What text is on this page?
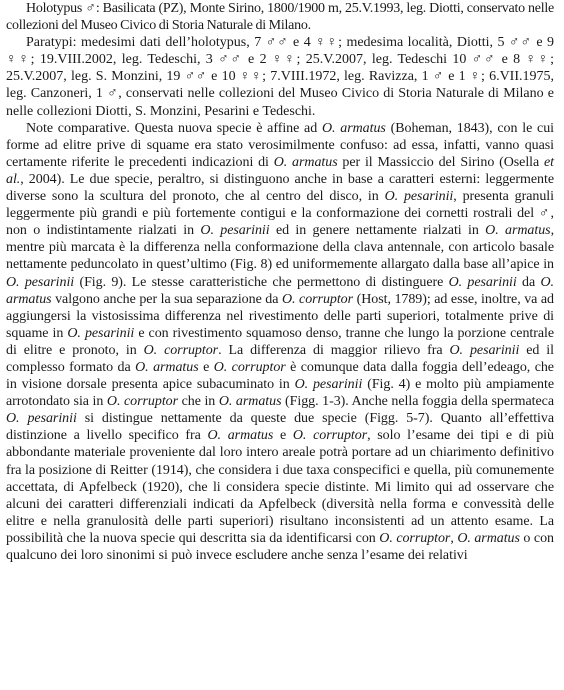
Holotypus ♂: Basilicata (PZ), Monte Sirino, 1800/1900 m, 25.V.1993, leg. Diotti, conservato nelle collezioni del Museo Civico di Storia Naturale di Milano.

Paratypi: medesimi dati dell’holotypus, 7 ♂♂ e 4 ♀♀; medesima località, Diotti, 5 ♂♂ e 9 ♀♀; 19.VIII.2002, leg. Tedeschi, 3 ♂♂ e 2 ♀♀; 25.V.2007, leg. Tedeschi 10 ♂♂ e 8 ♀♀; 25.V.2007, leg. S. Monzini, 19 ♂♂ e 10 ♀♀; 7.VIII.1972, leg. Ravizza, 1 ♂ e 1 ♀; 6.VII.1975, leg. Canzoneri, 1 ♂, conservati nelle collezioni del Museo Civico di Storia Naturale di Milano e nelle collezioni Diotti, S. Monzini, Pesarini e Tedeschi.

Note comparative. Questa nuova specie è affine ad O. armatus (Boheman, 1843), con le cui forme ad elitre prive di squame era stato verosimilmente confuso: ad essa, infatti, vanno quasi certamente riferite le precedenti indicazioni di O. armatus per il Massiccio del Sirino (Osella et al., 2004). Le due specie, peraltro, si distinguono anche in base a caratteri esterni: leggermente diverse sono la scultura del pronoto, che al centro del disco, in O. pesarinii, presenta granuli leggermente più grandi e più fortemente contigui e la conformazione dei cornetti rostrali del ♂, non o indistintamente rialzati in O. pesarinii ed in genere nettamente rialzati in O. armatus, mentre più marcata è la differenza nella conformazione della clava antennale, con articolo basale nettamente peduncolato in quest’ultimo (Fig. 8) ed uniformemente allargato dalla base all’apice in O. pesarinii (Fig. 9). Le stesse caratteristiche che permettono di distinguere O. pesarinii da O. armatus valgono anche per la sua separazione da O. corruptor (Host, 1789); ad esse, inoltre, va ad aggiungersi la vistosissima differenza nel rivestimento delle parti superiori, totalmente prive di squame in O. pesarinii e con rivestimento squamoso denso, tranne che lungo la porzione centrale di elitre e pronoto, in O. corruptor. La differenza di maggior rilievo fra O. pesarinii ed il complesso formato da O. armatus e O. corruptor è comunque data dalla foggia dell’edeago, che in visione dorsale presenta apice subacuminato in O. pesarinii (Fig. 4) e molto più ampiamente arrotondato sia in O. corruptor che in O. armatus (Figg. 1-3). Anche nella foggia della spermateca O. pesarinii si distingue nettamente da queste due specie (Figg. 5-7). Quanto all’effettiva distinzione a livello specifico fra O. armatus e O. corruptor, solo l’esame dei tipi e di più abbondante materiale proveniente dal loro intero areale potrà portare ad un chiarimento definitivo fra la posizione di Reitter (1914), che considera i due taxa conspecifici e quella, più comunemente accettata, di Apfelbeck (1920), che li considera specie distinte. Mi limito qui ad osservare che alcuni dei caratteri differenziali indicati da Apfelbeck (diversità nella forma e convessità delle elitre e nella granulosità delle parti superiori) risultano inconsistenti ad un attento esame. La possibilità che la nuova specie qui descritta sia da identificarsi con O. corruptor, O. armatus o con qualcuno dei loro sinonimi si può invece escludere anche senza l’esame dei relativi
